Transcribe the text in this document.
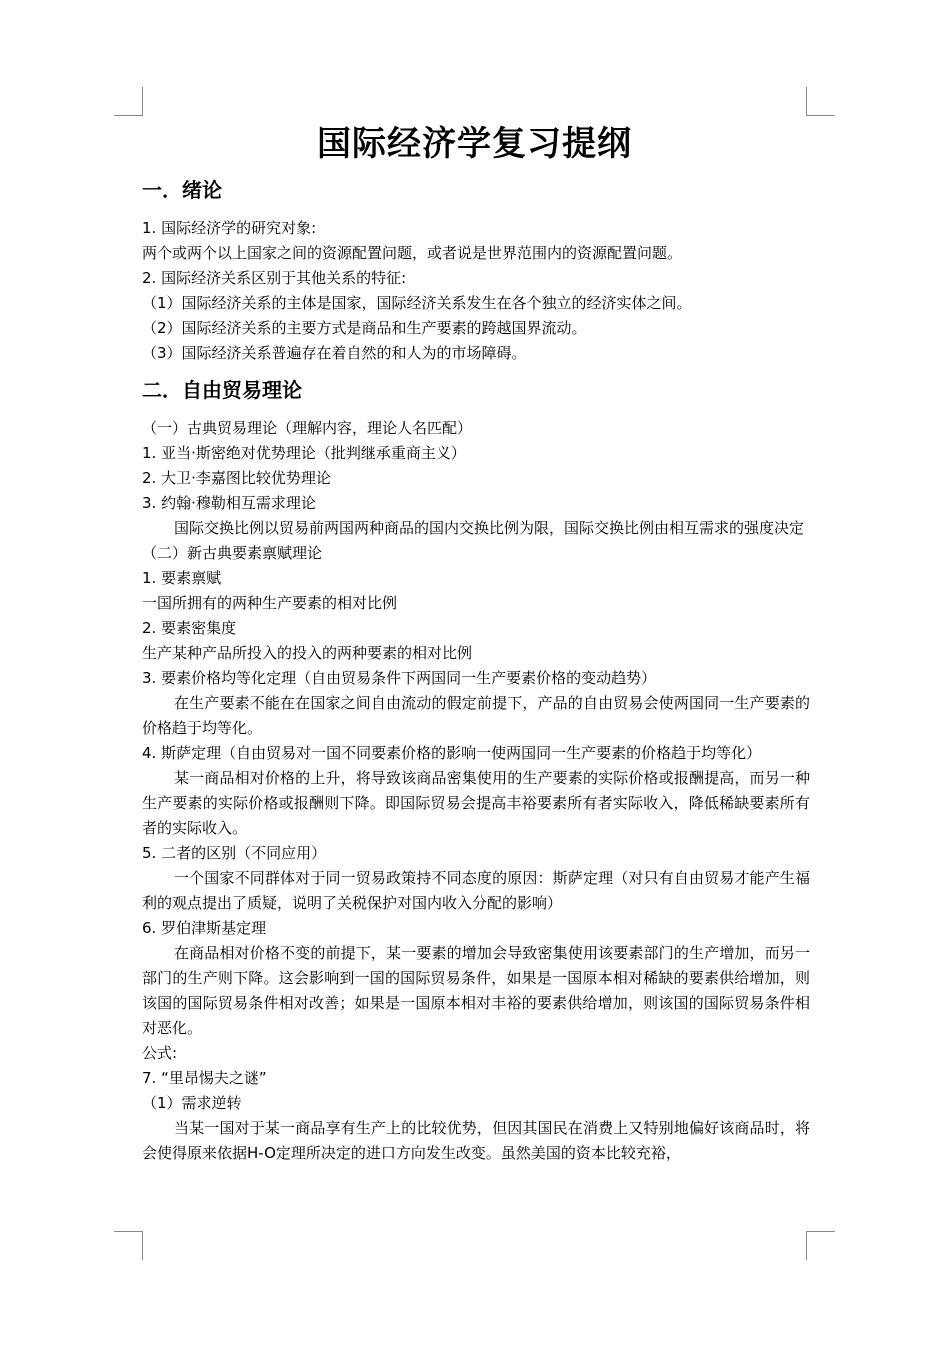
国际经济学复习提纲
一．绪论
1. 国际经济学的研究对象:
两个或两个以上国家之间的资源配置问题，或者说是世界范围内的资源配置问题。
2. 国际经济关系区别于其他关系的特征:
（1）国际经济关系的主体是国家，国际经济关系发生在各个独立的经济实体之间。
（2）国际经济关系的主要方式是商品和生产要素的跨越国界流动。
（3）国际经济关系普遍存在着自然的和人为的市场障碍。
二．自由贸易理论
（一）古典贸易理论（理解内容，理论人名匹配）
1. 亚当·斯密绝对优势理论（批判继承重商主义）
2. 大卫·李嘉图比较优势理论
3. 约翰·穆勒相互需求理论
国际交换比例以贸易前两国两种商品的国内交换比例为限，国际交换比例由相互需求的强度决定
（二）新古典要素禀赋理论
1. 要素禀赋
一国所拥有的两种生产要素的相对比例
2. 要素密集度
生产某种产品所投入的投入的两种要素的相对比例
3. 要素价格均等化定理（自由贸易条件下两国同一生产要素价格的变动趋势）
在生产要素不能在在国家之间自由流动的假定前提下，产品的自由贸易会使两国同一生产要素的价格趋于均等化。
4. 斯萨定理（自由贸易对一国不同要素价格的影响一使两国同一生产要素的价格趋于均等化）
某一商品相对价格的上升，将导致该商品密集使用的生产要素的实际价格或报酬提高，而另一种生产要素的实际价格或报酬则下降。即国际贸易会提高丰裕要素所有者实际收入，降低稀缺要素所有者的实际收入。
5. 二者的区别（不同应用）
一个国家不同群体对于同一贸易政策持不同态度的原因：斯萨定理（对只有自由贸易才能产生福利的观点提出了质疑，说明了关税保护对国内收入分配的影响）
6. 罗伯津斯基定理
在商品相对价格不变的前提下，某一要素的增加会导致密集使用该要素部门的生产增加，而另一部门的生产则下降。这会影响到一国的国际贸易条件，如果是一国原本相对稀缺的要素供给增加，则该国的国际贸易条件相对改善；如果是一国原本相对丰裕的要素供给增加，则该国的国际贸易条件相对恶化。
公式:
7. “里昂惕夫之谜”
（1）需求逆转
当某一国对于某一商品享有生产上的比较优势，但因其国民在消费上又特别地偏好该商品时，将会使得原来依据H-O定理所决定的进口方向发生改变。虽然美国的资本比较充裕，
